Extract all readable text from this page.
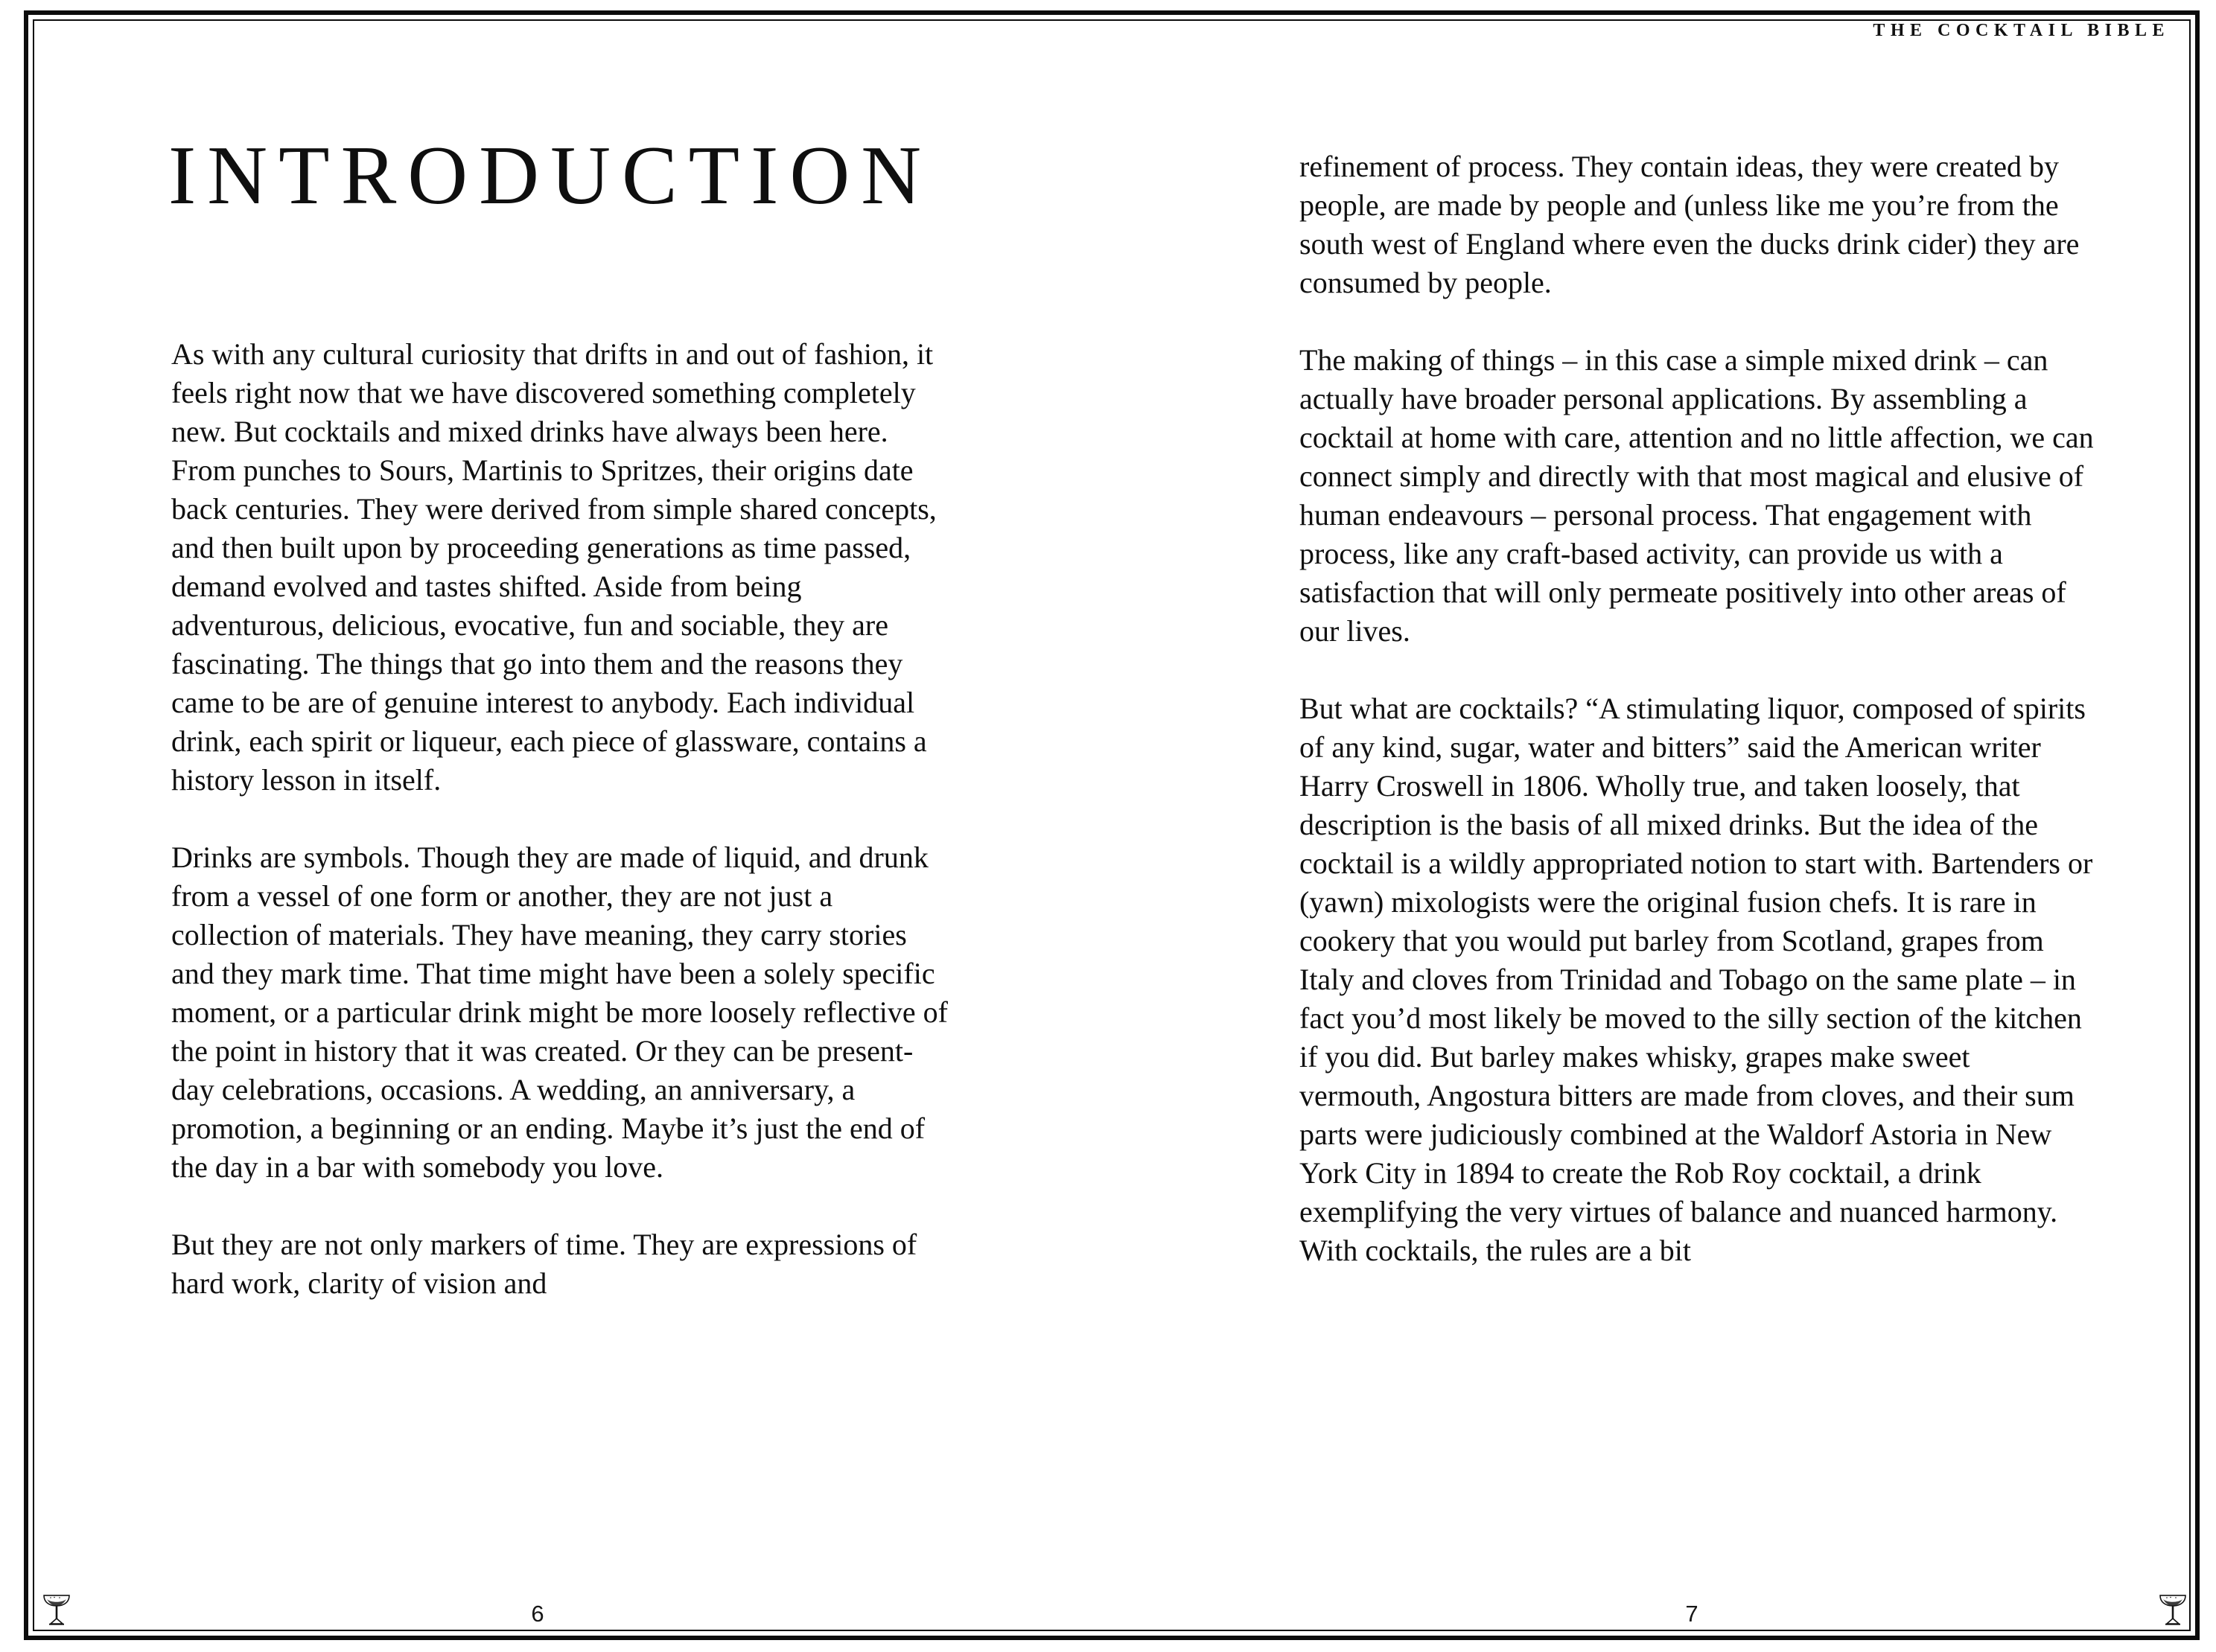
THE COCKTAIL BIBLE
INTRODUCTION

As with any cultural curiosity that drifts in and out of fashion, it feels right now that we have discovered something completely new. But cocktails and mixed drinks have always been here. From punches to Sours, Martinis to Spritzes, their origins date back centuries. They were derived from simple shared concepts, and then built upon by proceeding generations as time passed, demand evolved and tastes shifted. Aside from being adventurous, delicious, evocative, fun and sociable, they are fascinating. The things that go into them and the reasons they came to be are of genuine interest to anybody. Each individual drink, each spirit or liqueur, each piece of glassware, contains a history lesson in itself.

Drinks are symbols. Though they are made of liquid, and drunk from a vessel of one form or another, they are not just a collection of materials. They have meaning, they carry stories and they mark time. That time might have been a solely specific moment, or a particular drink might be more loosely reflective of the point in history that it was created. Or they can be present-day celebrations, occasions. A wedding, an anniversary, a promotion, a beginning or an ending. Maybe it’s just the end of the day in a bar with somebody you love.

But they are not only markers of time. They are expressions of hard work, clarity of vision and

refinement of process. They contain ideas, they were created by people, are made by people and (unless like me you’re from the south west of England where even the ducks drink cider) they are consumed by people.

The making of things – in this case a simple mixed drink – can actually have broader personal applications. By assembling a cocktail at home with care, attention and no little affection, we can connect simply and directly with that most magical and elusive of human endeavours – personal process. That engagement with process, like any craft-based activity, can provide us with a satisfaction that will only permeate positively into other areas of our lives.

But what are cocktails? “A stimulating liquor, composed of spirits of any kind, sugar, water and bitters” said the American writer Harry Croswell in 1806. Wholly true, and taken loosely, that description is the basis of all mixed drinks. But the idea of the cocktail is a wildly appropriated notion to start with. Bartenders or (yawn) mixologists were the original fusion chefs. It is rare in cookery that you would put barley from Scotland, grapes from Italy and cloves from Trinidad and Tobago on the same plate – in fact you’d most likely be moved to the silly section of the kitchen if you did. But barley makes whisky, grapes make sweet vermouth, Angostura bitters are made from cloves, and their sum parts were judiciously combined at the Waldorf Astoria in New York City in 1894 to create the Rob Roy cocktail, a drink exemplifying the very virtues of balance and nuanced harmony. With cocktails, the rules are a bit

6	7
